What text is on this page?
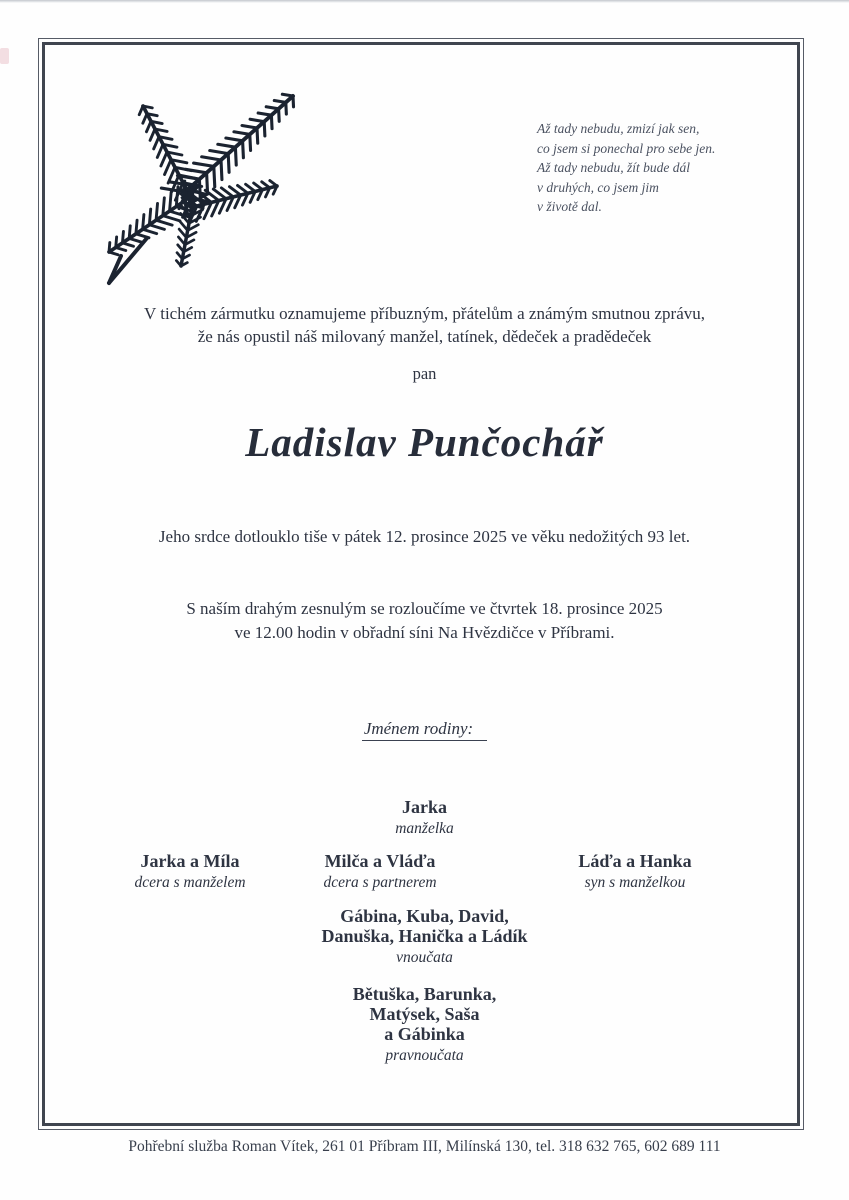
Až tady nebudu, zmizí jak sen,
co jsem si ponechal pro sebe jen.
Až tady nebudu, žít bude dál
v druhých, co jsem jim
v životě dal.
V tichém zármutku oznamujeme příbuzným, přátelům a známým smutnou zprávu,
že nás opustil náš milovaný manžel, tatínek, dědeček a pradědeček
pan
Ladislav Punčochář
Jeho srdce dotlouklo tiše v pátek 12. prosince 2025 ve věku nedožitých 93 let.
S naším drahým zesnulým se rozloučíme ve čtvrtek 18. prosince 2025
ve 12.00 hodin v obřadní síni Na Hvězdičce v Příbrami.
Jménem rodiny:
Jarka
manželka
Jarka a Míla
dcera s manželem
Milča a Vláďa
dcera s partnerem
Láďa a Hanka
syn s manželkou
Gábina, Kuba, David,
Danuška, Hanička a Ládík
vnoučata
Bětuška, Barunka,
Matýsek, Saša
a Gábinka
pravnoučata
Pohřební služba Roman Vítek, 261 01 Příbram III, Milínská 130, tel. 318 632 765, 602 689 111
